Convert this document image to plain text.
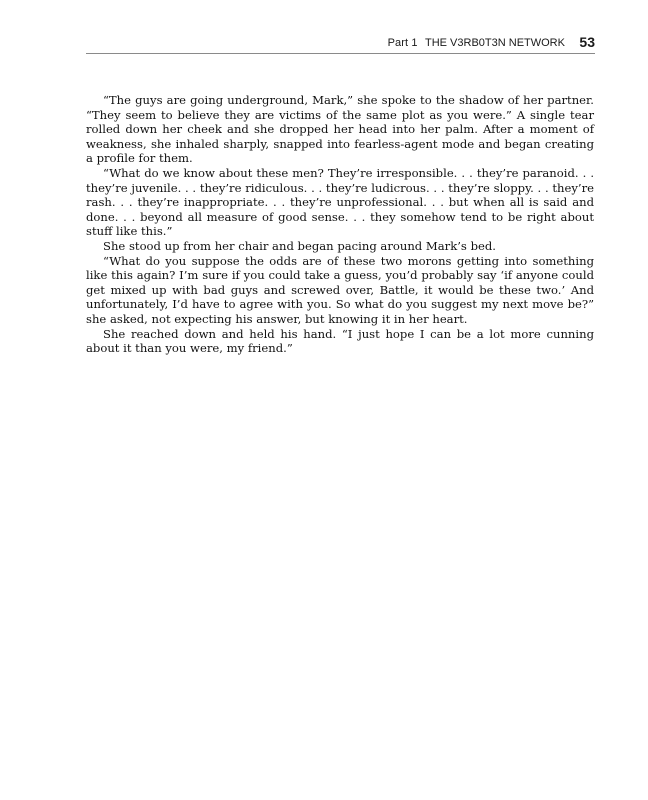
Part 1 THE V3RB0T3N NETWORK 53

“The guys are going underground, Mark,” she spoke to the shadow of her partner. “They seem to believe they are victims of the same plot as you were.” A single tear rolled down her cheek and she dropped her head into her palm. After a moment of weakness, she inhaled sharply, snapped into fearless-agent mode and began creating a profile for them.

“What do we know about these men? They’re irresponsible. . . they’re paranoid. . . they’re juvenile. . . they’re ridiculous. . . they’re ludicrous. . . they’re sloppy. . . they’re rash. . . they’re inappropriate. . . they’re unprofessional. . . but when all is said and done. . . beyond all measure of good sense. . . they somehow tend to be right about stuff like this.”

She stood up from her chair and began pacing around Mark’s bed.

“What do you suppose the odds are of these two morons getting into something like this again? I’m sure if you could take a guess, you’d probably say ‘if anyone could get mixed up with bad guys and screwed over, Battle, it would be these two.’ And unfortunately, I’d have to agree with you. So what do you suggest my next move be?” she asked, not expecting his answer, but knowing it in her heart.

She reached down and held his hand. “I just hope I can be a lot more cunning about it than you were, my friend.”
